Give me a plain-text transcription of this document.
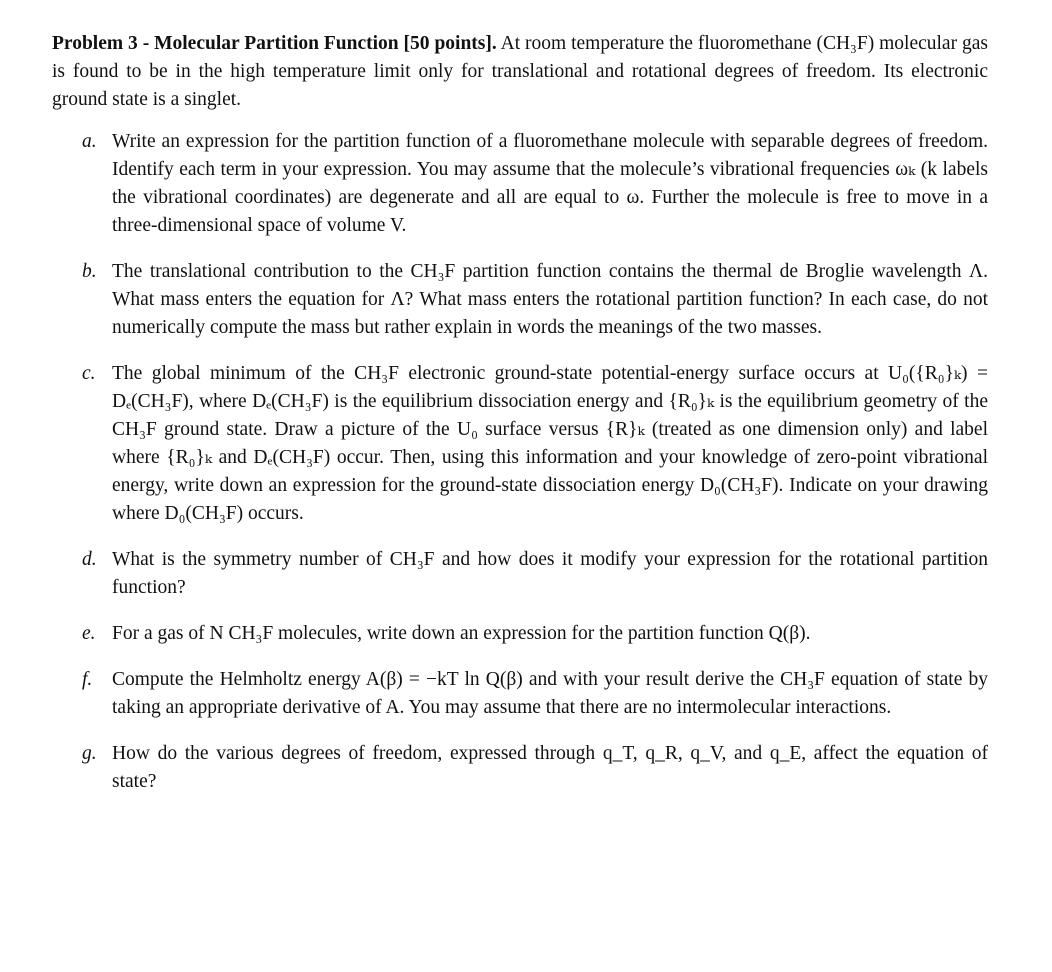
Problem 3 - Molecular Partition Function [50 points]. At room temperature the fluoromethane (CH₃F) molecular gas is found to be in the high temperature limit only for translational and rotational degrees of freedom. Its electronic ground state is a singlet.

a. Write an expression for the partition function of a fluoromethane molecule with separable degrees of freedom. Identify each term in your expression. You may assume that the molecule’s vibrational frequencies ωₖ (k labels the vibrational coordinates) are degenerate and all are equal to ω. Further the molecule is free to move in a three-dimensional space of volume V.
b. The translational contribution to the CH₃F partition function contains the thermal de Broglie wavelength Λ. What mass enters the equation for Λ? What mass enters the rotational partition function? In each case, do not numerically compute the mass but rather explain in words the meanings of the two masses.
c. The global minimum of the CH₃F electronic ground-state potential-energy surface occurs at U₀({R₀}ₖ) = Dₑ(CH₃F), where Dₑ(CH₃F) is the equilibrium dissociation energy and {R₀}ₖ is the equilibrium geometry of the CH₃F ground state. Draw a picture of the U₀ surface versus {R}ₖ (treated as one dimension only) and label where {R₀}ₖ and Dₑ(CH₃F) occur. Then, using this information and your knowledge of zero-point vibrational energy, write down an expression for the ground-state dissociation energy D₀(CH₃F). Indicate on your drawing where D₀(CH₃F) occurs.
d. What is the symmetry number of CH₃F and how does it modify your expression for the rotational partition function?
e. For a gas of N CH₃F molecules, write down an expression for the partition function Q(β).
f. Compute the Helmholtz energy A(β) = −kT ln Q(β) and with your result derive the CH₃F equation of state by taking an appropriate derivative of A. You may assume that there are no intermolecular interactions.
g. How do the various degrees of freedom, expressed through q_T, q_R, q_V, and q_E, affect the equation of state?
